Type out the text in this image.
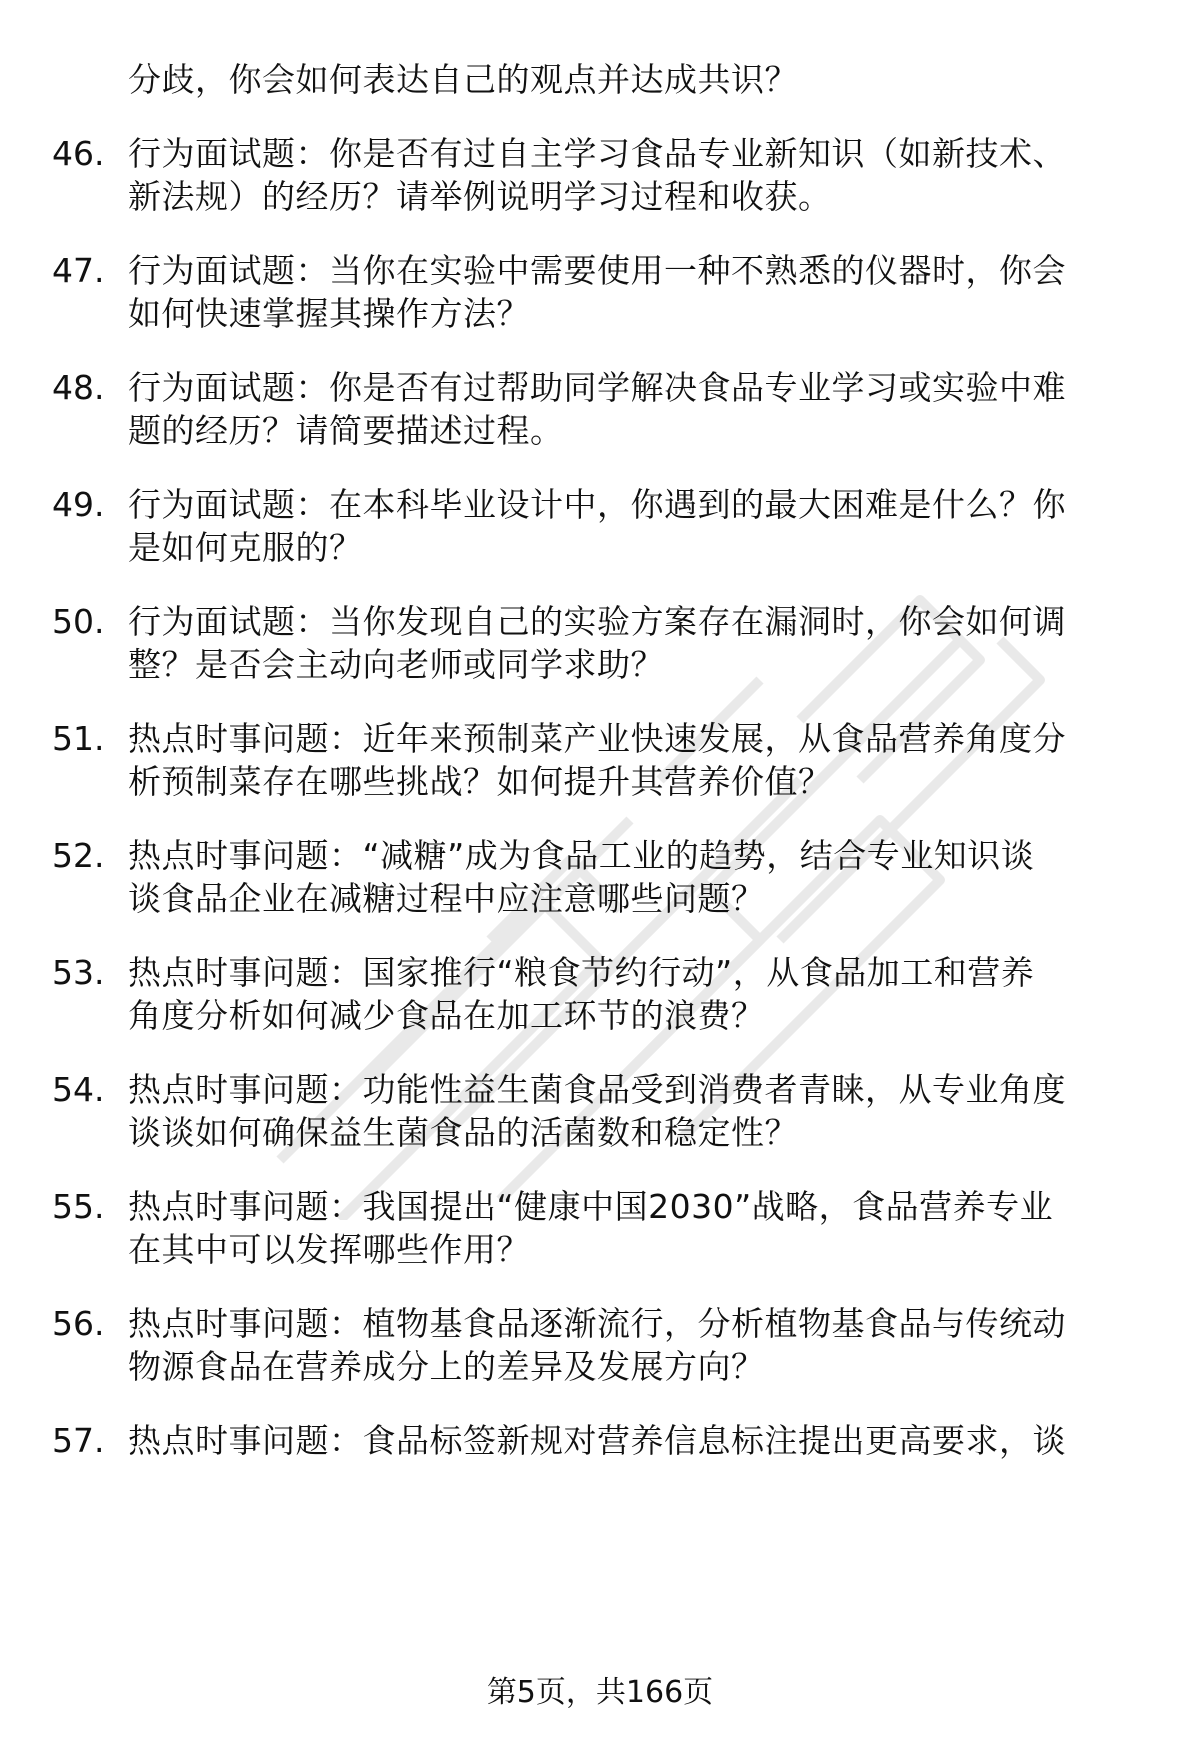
分歧，你会如何表达自己的观点并达成共识？
46. 行为面试题：你是否有过自主学习食品专业新知识（如新技术、
新法规）的经历？请举例说明学习过程和收获。
47. 行为面试题：当你在实验中需要使用一种不熟悉的仪器时，你会
如何快速掌握其操作方法？
48. 行为面试题：你是否有过帮助同学解决食品专业学习或实验中难
题的经历？请简要描述过程。
49. 行为面试题：在本科毕业设计中，你遇到的最大困难是什么？你
是如何克服的？
50. 行为面试题：当你发现自己的实验方案存在漏洞时，你会如何调
整？是否会主动向老师或同学求助？
51. 热点时事问题：近年来预制菜产业快速发展，从食品营养角度分
析预制菜存在哪些挑战？如何提升其营养价值？
52. 热点时事问题：“减糖”成为食品工业的趋势，结合专业知识谈
谈食品企业在减糖过程中应注意哪些问题？
53. 热点时事问题：国家推行“粮食节约行动”，从食品加工和营养
角度分析如何减少食品在加工环节的浪费？
54. 热点时事问题：功能性益生菌食品受到消费者青睐，从专业角度
谈谈如何确保益生菌食品的活菌数和稳定性？
55. 热点时事问题：我国提出“健康中国2030”战略，食品营养专业
在其中可以发挥哪些作用？
56. 热点时事问题：植物基食品逐渐流行，分析植物基食品与传统动
物源食品在营养成分上的差异及发展方向？
57. 热点时事问题：食品标签新规对营养信息标注提出更高要求，谈
第5页，共166页
